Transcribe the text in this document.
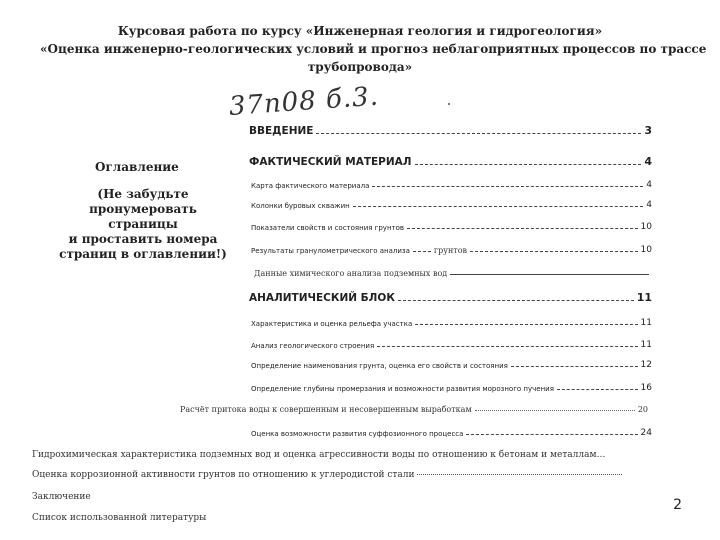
Курсовая работа по курсу «Инженерная геология и гидрогеология»
«Оценка инженерно-геологических условий и прогноз неблагоприятных процессов по трассе
трубопровода»
37п08 б.3.
Оглавление
(Не забудьте
пронумеровать страницы
и проставить номера
страниц в оглавлении!)
ВВЕДЕНИЕ	3
ФАКТИЧЕСКИЙ МАТЕРИАЛ	4
Карта фактического материала	4
Колонки буровых скважин	4
Показатели свойств и состояния грунтов	10
Результаты гранулометрического анализа	грунтов	10
Данные химического анализа подземных вод
АНАЛИТИЧЕСКИЙ БЛОК	11
Характеристика и оценка рельефа участка	11
Анализ геологического строения	11
Определение наименования грунта, оценка его свойств и состояния	12
Определение глубины промерзания и возможности развития морозного пучения	16
Расчёт притока воды к совершенным и несовершенным выработкам	20
Оценка возможности развития суффозионного процесса	24
Гидрохимическая характеристика подземных вод и оценка агрессивности воды по отношению к бетонам и металлам…
Оценка коррозионной активности грунтов по отношению к углеродистой стали
Заключение
Список использованной литературы
2
